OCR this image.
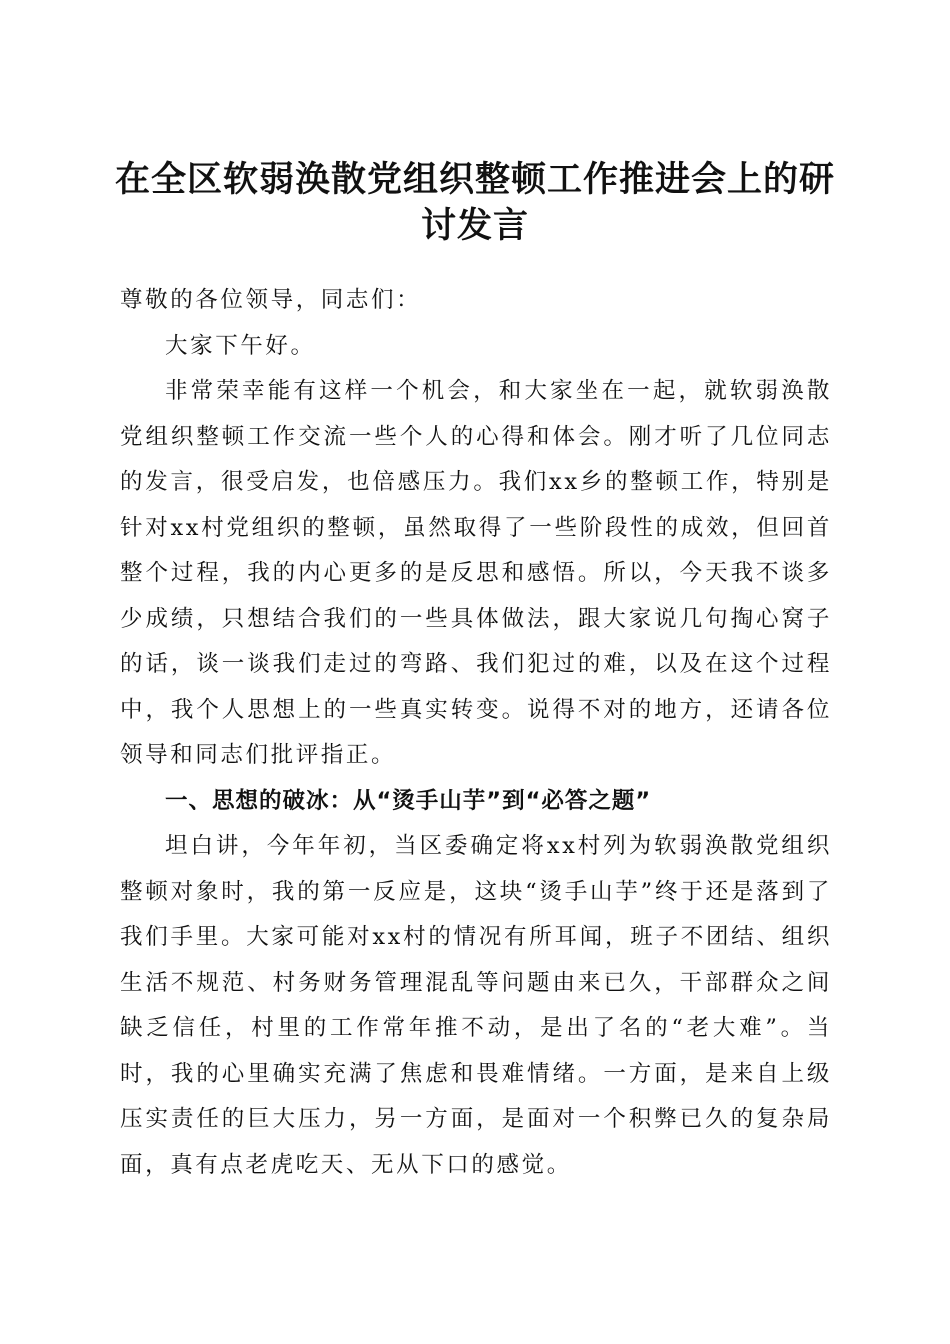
在全区软弱涣散党组织整顿工作推进会上的研
讨发言

尊敬的各位领导，同志们：

大家下午好。

非常荣幸能有这样一个机会，和大家坐在一起，就软弱涣散党组织整顿工作交流一些个人的心得和体会。刚才听了几位同志的发言，很受启发，也倍感压力。我们xx乡的整顿工作，特别是针对xx村党组织的整顿，虽然取得了一些阶段性的成效，但回首整个过程，我的内心更多的是反思和感悟。所以，今天我不谈多少成绩，只想结合我们的一些具体做法，跟大家说几句掏心窝子的话，谈一谈我们走过的弯路、我们犯过的难，以及在这个过程中，我个人思想上的一些真实转变。说得不对的地方，还请各位领导和同志们批评指正。

一、思想的破冰：从“烫手山芋”到“必答之题”

坦白讲，今年年初，当区委确定将xx村列为软弱涣散党组织整顿对象时，我的第一反应是，这块“烫手山芋”终于还是落到了我们手里。大家可能对xx村的情况有所耳闻，班子不团结、组织生活不规范、村务财务管理混乱等问题由来已久，干部群众之间缺乏信任，村里的工作常年推不动，是出了名的“老大难”。当时，我的心里确实充满了焦虑和畏难情绪。一方面，是来自上级压实责任的巨大压力，另一方面，是面对一个积弊已久的复杂局面，真有点老虎吃天、无从下口的感觉。
